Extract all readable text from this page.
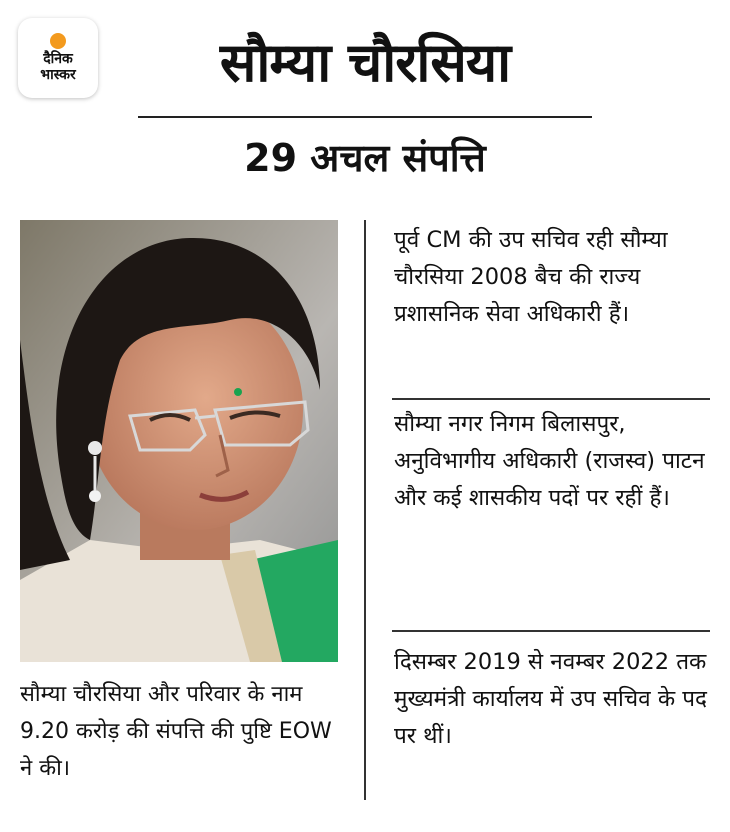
दैनिक
भास्कर	सौम्या चौरसिया
29 अचल संपत्ति
सौम्या चौरसिया और परिवार के नाम 9.20 करोड़ की संपत्ति की पुष्टि EOW ने की।
पूर्व CM की उप सचिव रही सौम्या चौरसिया 2008 बैच की राज्य प्रशासनिक सेवा अधिकारी हैं।
सौम्या नगर निगम बिलासपुर, अनुविभागीय अधिकारी (राजस्व) पाटन और कई शासकीय पदों पर रहीं हैं।
दिसम्बर 2019 से नवम्बर 2022 तक मुख्यमंत्री कार्यालय में उप सचिव के पद पर थीं।
